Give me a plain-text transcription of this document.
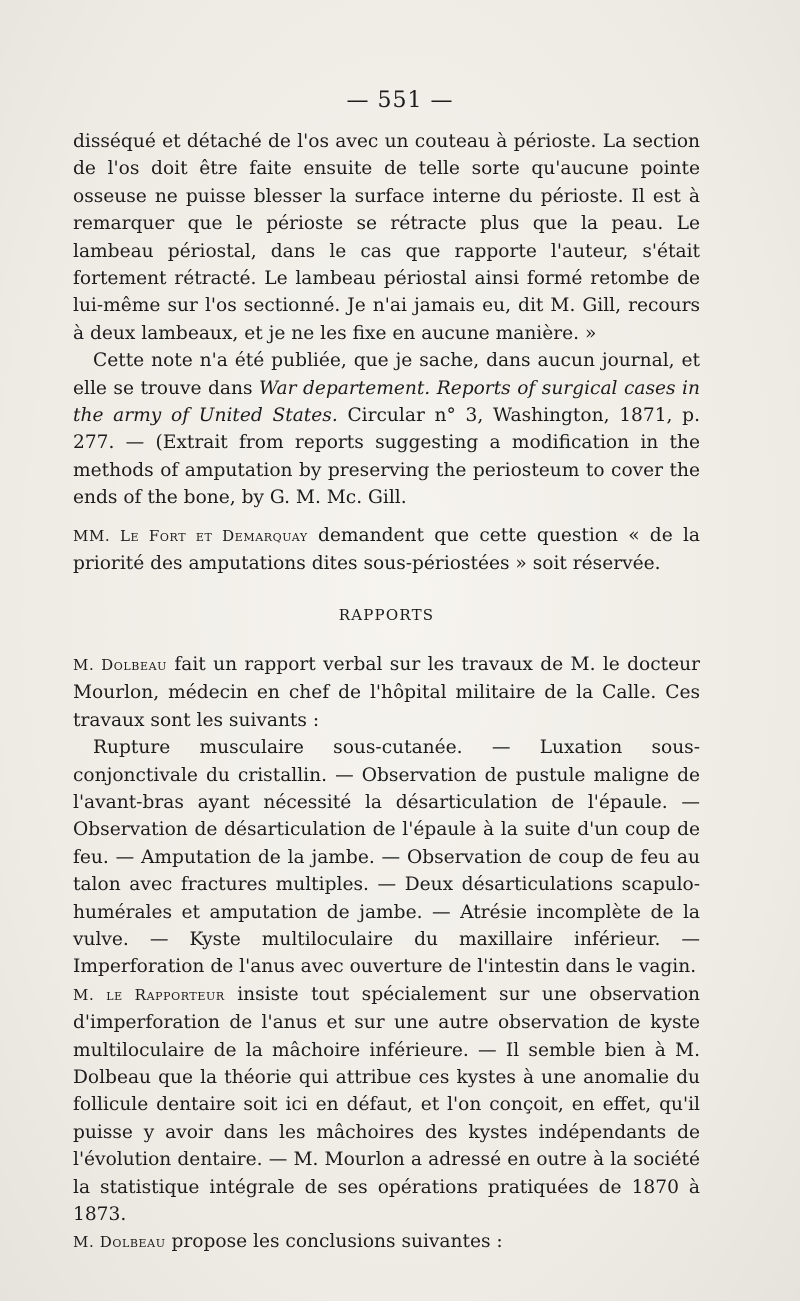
— 551 —

disséqué et détaché de l'os avec un couteau à périoste. La section de l'os doit être faite ensuite de telle sorte qu'aucune pointe osseuse ne puisse blesser la surface interne du périoste. Il est à remarquer que le périoste se rétracte plus que la peau. Le lambeau périostal, dans le cas que rapporte l'auteur, s'était fortement rétracté. Le lambeau périostal ainsi formé retombe de lui-même sur l'os sectionné. Je n'ai jamais eu, dit M. Gill, recours à deux lambeaux, et je ne les fixe en aucune manière. »

Cette note n'a été publiée, que je sache, dans aucun journal, et elle se trouve dans War departement. Reports of surgical cases in the army of United States. Circular n° 3, Washington, 1871, p. 277. — (Extrait from reports suggesting a modification in the methods of amputation by preserving the periosteum to cover the ends of the bone, by G. M. Mc. Gill.

MM. Le Fort et Demarquay demandent que cette question « de la priorité des amputations dites sous-périostées » soit réservée.

RAPPORTS

M. Dolbeau fait un rapport verbal sur les travaux de M. le docteur Mourlon, médecin en chef de l'hôpital militaire de la Calle. Ces travaux sont les suivants :

Rupture musculaire sous-cutanée. — Luxation sous-conjonctivale du cristallin. — Observation de pustule maligne de l'avant-bras ayant nécessité la désarticulation de l'épaule. — Observation de désarticulation de l'épaule à la suite d'un coup de feu. — Amputation de la jambe. — Observation de coup de feu au talon avec fractures multiples. — Deux désarticulations scapulo-humérales et amputation de jambe. — Atrésie incomplète de la vulve. — Kyste multiloculaire du maxillaire inférieur. — Imperforation de l'anus avec ouverture de l'intestin dans le vagin.

M. le Rapporteur insiste tout spécialement sur une observation d'imperforation de l'anus et sur une autre observation de kyste multiloculaire de la mâchoire inférieure. — Il semble bien à M. Dolbeau que la théorie qui attribue ces kystes à une anomalie du follicule dentaire soit ici en défaut, et l'on conçoit, en effet, qu'il puisse y avoir dans les mâchoires des kystes indépendants de l'évolution dentaire. — M. Mourlon a adressé en outre à la société la statistique intégrale de ses opérations pratiquées de 1870 à 1873.

M. Dolbeau propose les conclusions suivantes :
